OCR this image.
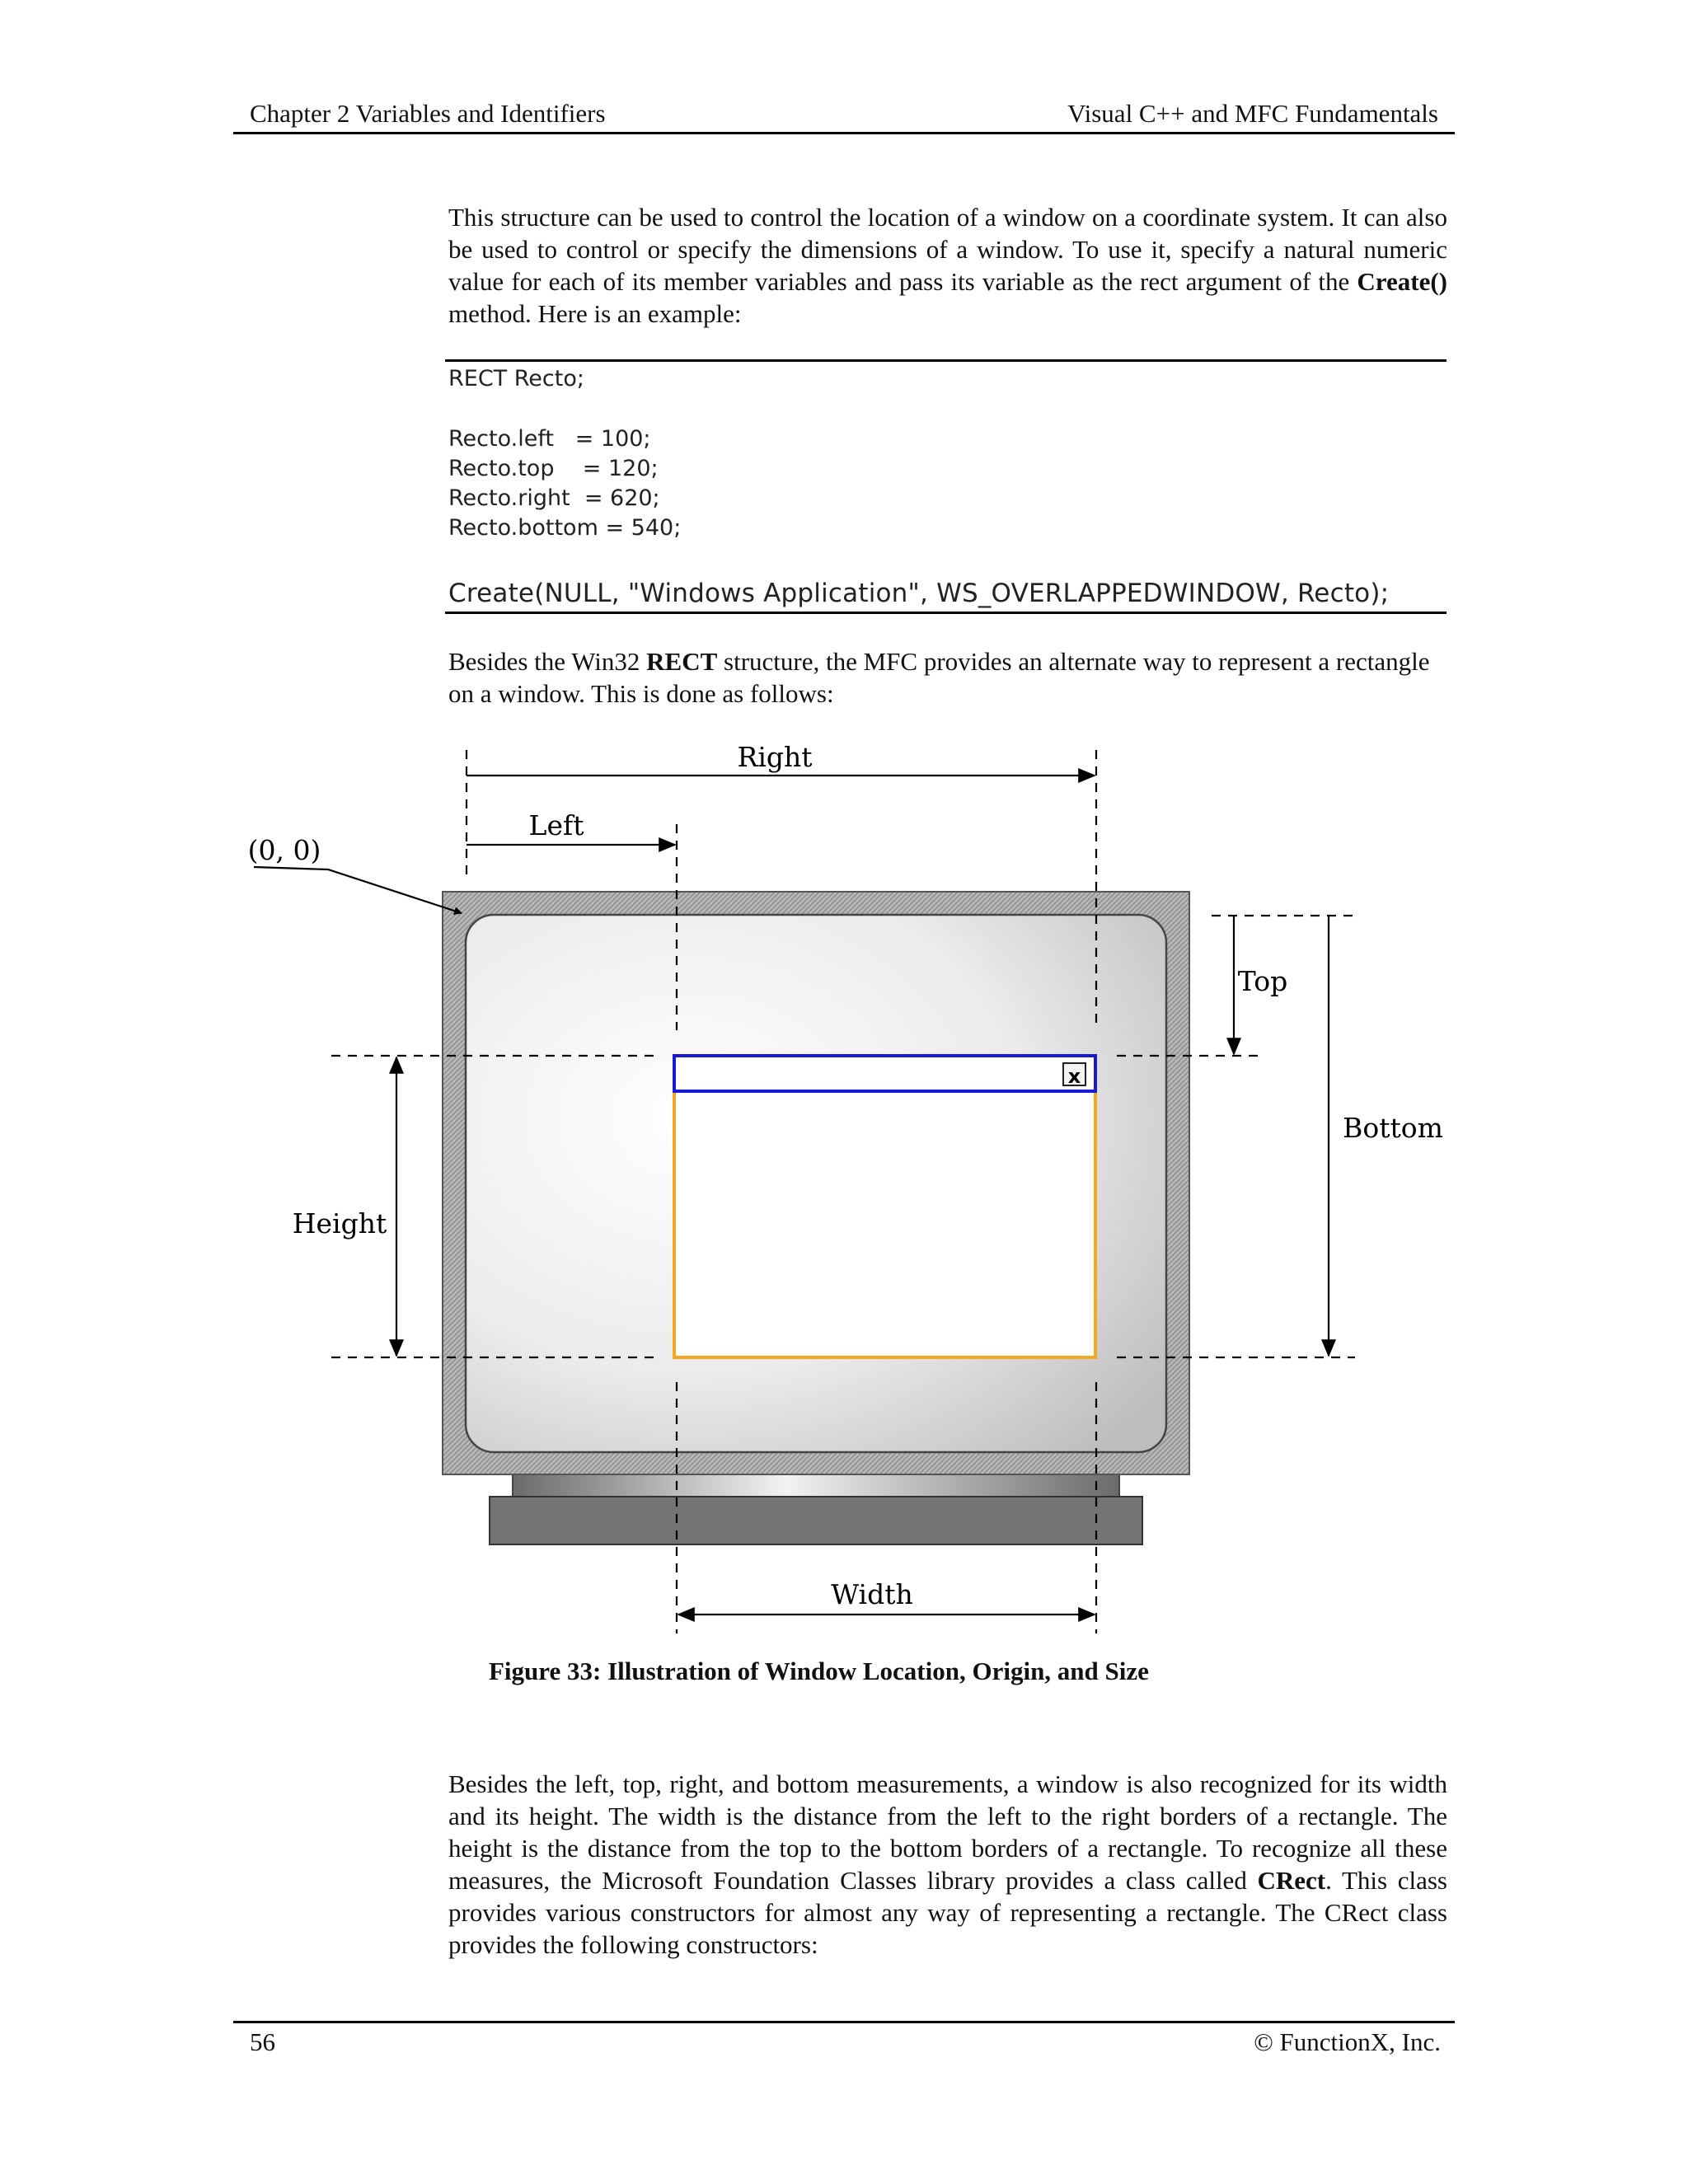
Chapter 2 Variables and Identifiers	Visual C++ and MFC Fundamentals

This structure can be used to control the location of a window on a coordinate system. It can also be used to control or specify the dimensions of a window. To use it, specify a natural numeric value for each of its member variables and pass its variable as the rect argument of the Create() method. Here is an example:

RECT Recto;
Recto.left   = 100;
Recto.top    = 120;
Recto.right  = 620;
Recto.bottom = 540;
Create(NULL, "Windows Application", WS_OVERLAPPEDWINDOW, Recto);

Besides the Win32 RECT structure, the MFC provides an alternate way to represent a rectangle on a window. This is done as follows:

x
Right
Left
(0, 0)
Top
Bottom
Height
Width
Figure 33: Illustration of Window Location, Origin, and Size

Besides the left, top, right, and bottom measurements, a window is also recognized for its width and its height. The width is the distance from the left to the right borders of a rectangle. The height is the distance from the top to the bottom borders of a rectangle. To recognize all these measures, the Microsoft Foundation Classes library provides a class called CRect. This class provides various constructors for almost any way of representing a rectangle. The CRect class provides the following constructors:

56	© FunctionX, Inc.
